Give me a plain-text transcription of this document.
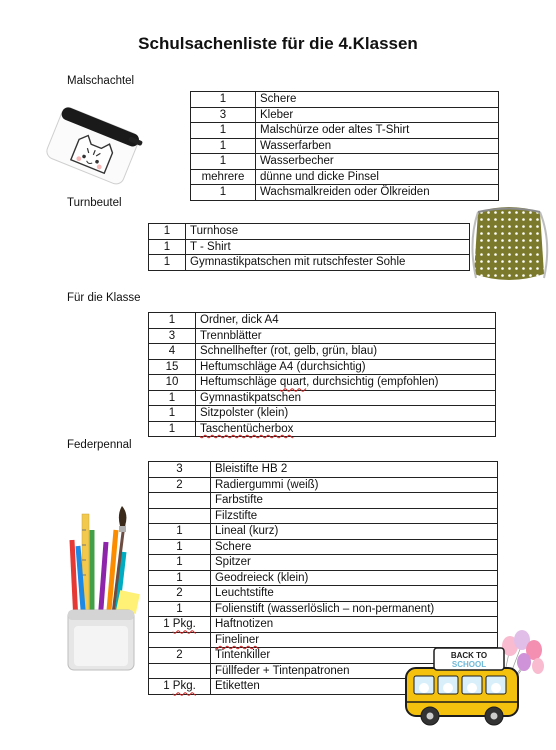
Schulsachenliste für die 4.Klassen
Malschachtel
1	Schere
3	Kleber
1	Malschürze oder altes T-Shirt
1	Wasserfarben
1	Wasserbecher
mehrere	dünne und dicke Pinsel
1	Wachsmalkreiden oder Ölkreiden
Turnbeutel
1	Turnhose
1	T - Shirt
1	Gymnastikpatschen mit rutschfester Sohle
Für die Klasse
1	Ordner, dick A4
3	Trennblätter
4	Schnellhefter (rot, gelb, grün, blau)
15	Heftumschläge A4 (durchsichtig)
10	Heftumschläge quart, durchsichtig (empfohlen)
1	Gymnastikpatschen
1	Sitzpolster (klein)
1	Taschentücherbox
Federpennal
3	Bleistifte HB 2
2	Radiergummi (weiß)
	Farbstifte
	Filzstifte
1	Lineal (kurz)
1	Schere
1	Spitzer
1	Geodreieck (klein)
2	Leuchtstifte
1	Folienstift (wasserlöslich – non-permanent)
1 Pkg.	Haftnotizen
	Fineliner
2	Tintenkiller
	Füllfeder + Tintenpatronen
1 Pkg.	Etiketten
BACK TO
SCHOOL
